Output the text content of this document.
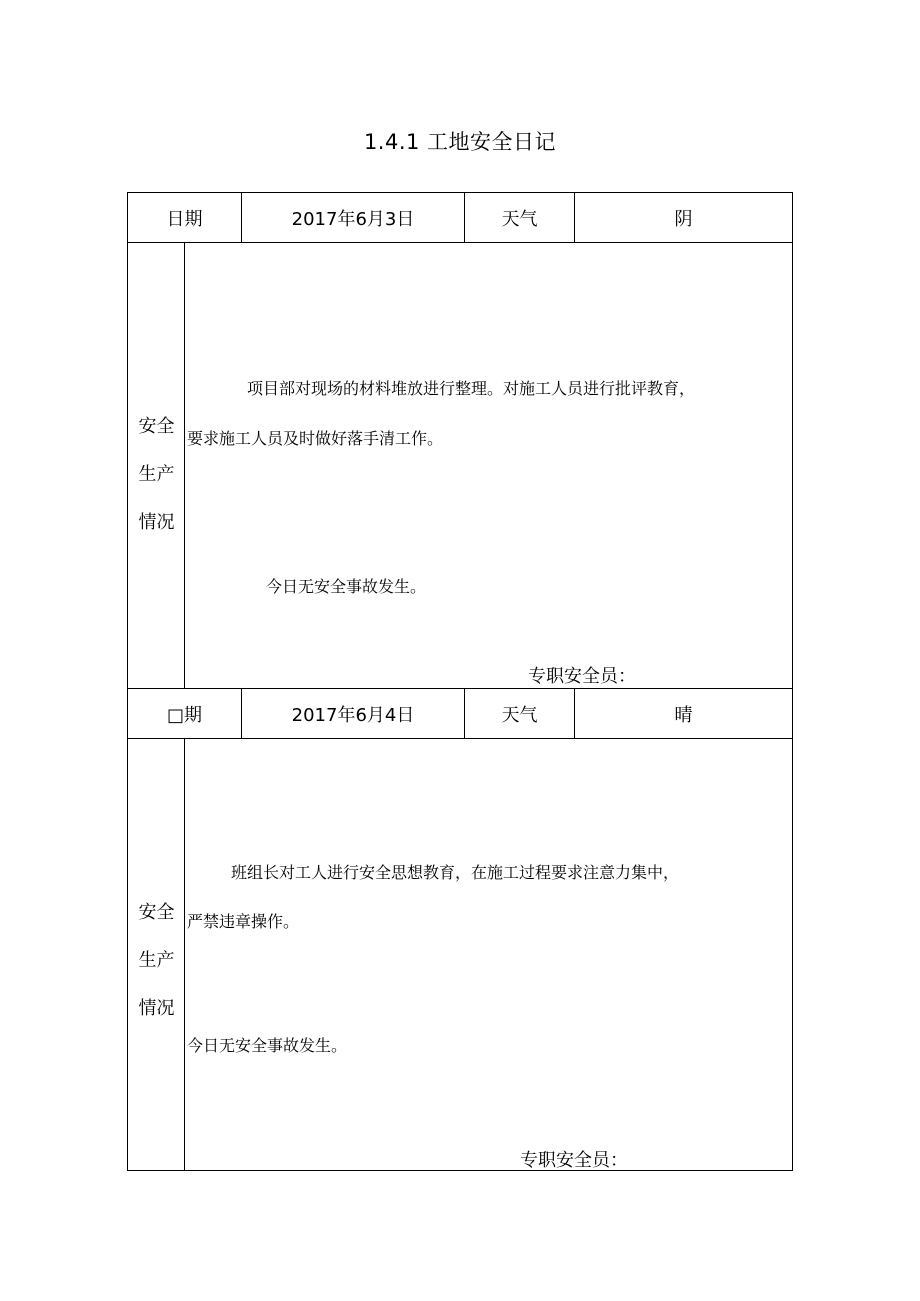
1.4.1 工地安全日记
日期	2017年6月3日	天气	阴
安全
生产
情况
项目部对现场的材料堆放进行整理。对施工人员进行批评教育，
要求施工人员及时做好落手清工作。
今日无安全事故发生。
专职安全员：
□期	2017年6月4日	天气	晴
安全
生产
情况
班组长对工人进行安全思想教育，在施工过程要求注意力集中，
严禁违章操作。
今日无安全事故发生。
专职安全员：
